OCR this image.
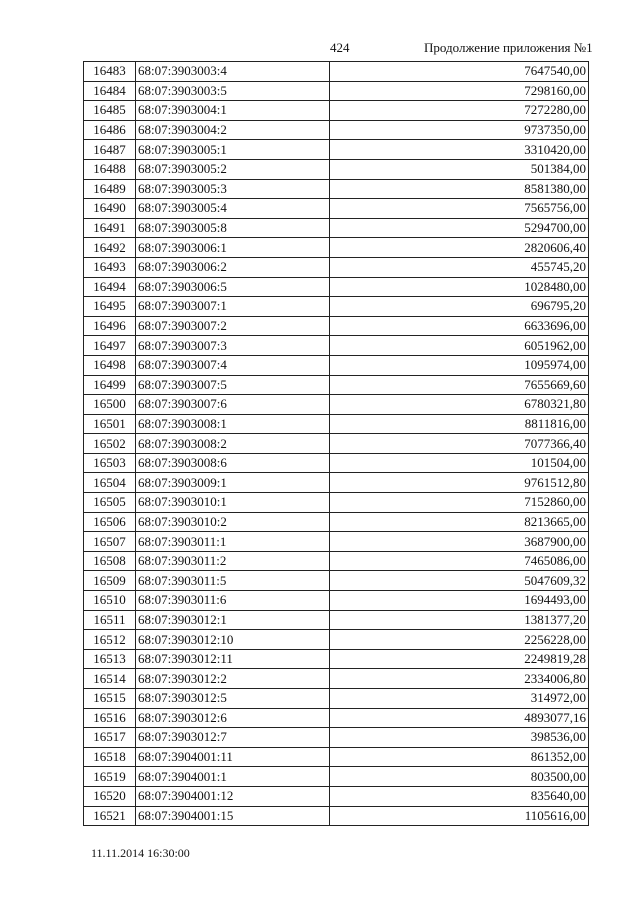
424	Продолжение приложения №1
16483	68:07:3903003:4	7647540,00
16484	68:07:3903003:5	7298160,00
16485	68:07:3903004:1	7272280,00
16486	68:07:3903004:2	9737350,00
16487	68:07:3903005:1	3310420,00
16488	68:07:3903005:2	501384,00
16489	68:07:3903005:3	8581380,00
16490	68:07:3903005:4	7565756,00
16491	68:07:3903005:8	5294700,00
16492	68:07:3903006:1	2820606,40
16493	68:07:3903006:2	455745,20
16494	68:07:3903006:5	1028480,00
16495	68:07:3903007:1	696795,20
16496	68:07:3903007:2	6633696,00
16497	68:07:3903007:3	6051962,00
16498	68:07:3903007:4	1095974,00
16499	68:07:3903007:5	7655669,60
16500	68:07:3903007:6	6780321,80
16501	68:07:3903008:1	8811816,00
16502	68:07:3903008:2	7077366,40
16503	68:07:3903008:6	101504,00
16504	68:07:3903009:1	9761512,80
16505	68:07:3903010:1	7152860,00
16506	68:07:3903010:2	8213665,00
16507	68:07:3903011:1	3687900,00
16508	68:07:3903011:2	7465086,00
16509	68:07:3903011:5	5047609,32
16510	68:07:3903011:6	1694493,00
16511	68:07:3903012:1	1381377,20
16512	68:07:3903012:10	2256228,00
16513	68:07:3903012:11	2249819,28
16514	68:07:3903012:2	2334006,80
16515	68:07:3903012:5	314972,00
16516	68:07:3903012:6	4893077,16
16517	68:07:3903012:7	398536,00
16518	68:07:3904001:11	861352,00
16519	68:07:3904001:1	803500,00
16520	68:07:3904001:12	835640,00
16521	68:07:3904001:15	1105616,00
11.11.2014 16:30:00
